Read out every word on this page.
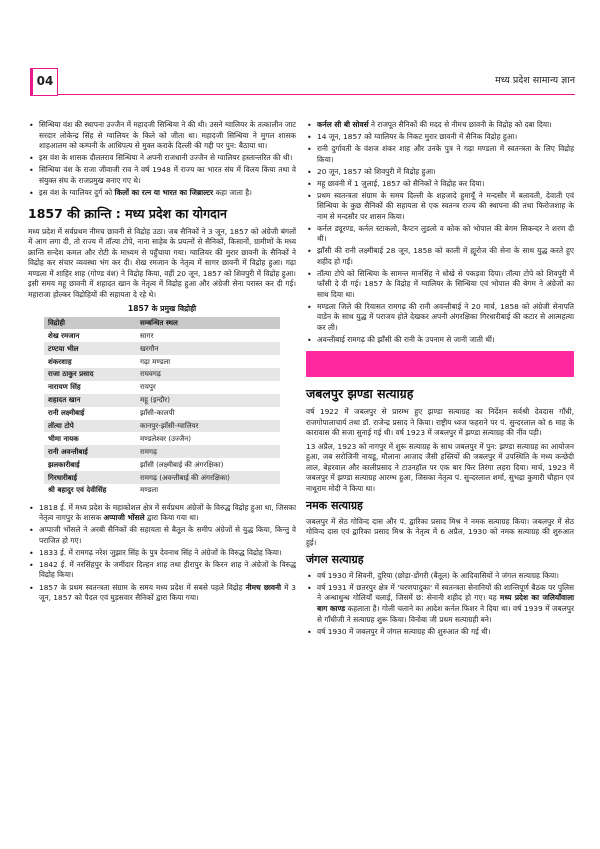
04	मध्य प्रदेश सामान्य ज्ञान
• सिन्धिया वंश की स्थापना उज्जैन में महादजी सिन्धिया ने की थी। उसने ग्वालियर के तत्कालीन जाट सरदार लोकेन्द्र सिंह से ग्वालियर के किले को जीता था। महादजी सिन्धिया ने मुगल शासक शाहआलम को कम्पनी के आधिपत्य से मुक्त कराके दिल्ली की गद्दी पर पुन: बैठाया था।
• इस वंश के शासक दौलतराव सिन्धिया ने अपनी राजधानी उज्जैन से ग्वालियर हस्तान्तरित की थी।
• सिन्धिया वंश के राजा जीवाजी राव ने वर्ष 1948 में राज्य का भारत संघ में विलय किया तथा वे संयुक्त संघ के राजप्रमुख बनाए गए थे।
• इस वंश के ग्वालियर दुर्ग को किलों का रत्न या भारत का जिब्राल्टर कहा जाता है।
1857 की क्रान्ति : मध्य प्रदेश का योगदान

मध्य प्रदेश में सर्वप्रथम नीमच छावनी से विद्रोह उठा। जब सैनिकों ने 3 जून, 1857 को अंग्रेजी बंगलों में आग लगा दी, तो राज्य में तॉत्या टोपे, नाना साहेब के प्रयत्नों से सैनिकों, किसानों, ग्रामीणों के मध्य क्रान्ति सन्देश कमल और रोटी के माध्यम से पहुँचाया गया। ग्वालियर की मुरार छावनी के सैनिकों ने विद्रोह कर संचार व्यवस्था भंग कर दी। शेख रमजान के नेतृत्व में सागर छावनी में विद्रोह हुआ। गढ़ा मण्डला में शाहिर शाह (गोण्ड वंश) ने विद्रोह किया, वहीं 20 जून, 1857 को शिवपुरी में विद्रोह हुआ। इसी समय महू छावनी में शहादत खान के नेतृत्व में विद्रोह हुआ और अंग्रेजी सेना परास्त कर दी गई। महाराजा होल्कर विद्रोहियों की सहायता दे रहे थे।

1857 के प्रमुख विद्रोही
विद्रोही	सम्बन्धित स्थल
शेख रमजान	सागर
टण्टया भील	खरगौन
शंकरशाह	गढ़ा मण्डला
राजा ठाकुर प्रसाद	राघवगढ़
नारायण सिंह	रायपुर
शहादत खान	महू (इन्दौर)
रानी लक्ष्मीबाई	झाँसी-कालपी
तॉत्या टोपे	कानपुर-झाँसी-ग्वालियर
भीमा नायक	मण्डलेश्वर (उज्जैन)
रानी अवन्तीबाई	रामगढ़
झलकारीबाई	झाँसी (लक्ष्मीबाई की अंगरक्षिका)
गिरधारीबाई	रामगढ़ (अवन्तीबाई की अंगरक्षिका)
श्री बहादुर एवं देवीसिंह	मण्डला
• 1818 ई. में मध्य प्रदेश के महाकोशल क्षेत्र में सर्वप्रथम अंग्रेजों के विरुद्ध विद्रोह हुआ था, जिसका नेतृत्व नागपुर के शासक अप्पाजी भोंसले द्वारा किया गया था।
• अप्पाजी भोंसले ने अरबी सैनिकों की सहायता से बैतूल के समीप अंग्रेजों से युद्ध किया, किन्तु वे पराजित हो गए।
• 1833 ई. में रामगढ़ नरेश जुझार सिंह के पुत्र देवनाथ सिंह ने अंग्रेजों के विरुद्ध विद्रोह किया।
• 1842 ई. में नरसिंहपुर के जमींदार दिल्हन शाह तथा हीरापुर के किरन शाह ने अंग्रेजों के विरुद्ध विद्रोह किया।
• 1857 के प्रथम स्वतन्त्रता संग्राम के समय मध्य प्रदेश में सबसे पहले विद्रोह नीमच छावनी में 3 जून, 1857 को पैदल एवं घुड़सवार सैनिकों द्वारा किया गया।
• कर्नल सी बी सोवर्स ने राजपूत सैनिकों की मदद से नीमच छावनी के विद्रोह को दबा दिया।
• 14 जून, 1857 को ग्वालियर के निकट मुरार छावनी में सैनिक विद्रोह हुआ।
• रानी दुर्गावती के वंशज शंकर शाह और उनके पुत्र ने गढ़ा मण्डला में स्वतन्त्रता के लिए विद्रोह किया।
• 20 जून, 1857 को शिवपुरी में विद्रोह हुआ।
• महू छावनी में 1 जुलाई, 1857 को सैनिकों ने विद्रोह कर दिया।
• प्रथम स्वतन्त्रता संग्राम के समय दिल्ली के शहजादे हुमायूँ ने मन्दसौर में बलावती, देवाती एवं सिन्धिया के कुछ सैनिकों की सहायता से एक स्वतन्त्र राज्य की स्थापना की तथा फिरोजशाह के नाम से मन्दसौर पर शासन किया।
• कर्नल ड्यूरण्ड, कर्नल स्टाकलो, कैप्टन लुडलो व कोक को भोपाल की बेगम सिकन्दर ने शरण दी थी।
• झाँसी की रानी लक्ष्मीबाई 28 जून, 1858 को काली में ह्यूरोज की सेना के साथ युद्ध करते हुए शहीद हो गईं।
• तॉत्या टोपे को सिन्धिया के सामन्त मानसिंह ने धोखे से पकड़वा दिया। तॉत्या टोपे को शिवपुरी में फाँसी दे दी गई। 1857 के विद्रोह में ग्वालियर के सिन्धिया एवं भोपाल की बेगम ने अंग्रेजों का साथ दिया था।
• मण्डला जिले की रियासत रामगढ़ की रानी अवन्तीबाई ने 20 मार्च, 1858 को अंग्रेजी सेनापति वाडेन के साथ युद्ध में पराजय होते देखकर अपनी अंगरक्षिका गिरधारीबाई की कटार से आत्महत्या कर ली।
• अवन्तीबाई रामगढ़ की झाँसी की रानी के उपनाम से जानी जाती थीं।
जबलपुर झण्डा सत्याग्रह

वर्ष 1922 में जबलपुर से प्रारम्भ हुए झण्डा सत्याग्रह का निर्देशन सर्वश्री देवदास गाँधी, राजगोपालाचार्य तथा डॉ. राजेन्द्र प्रसाद ने किया। राष्ट्रीय ध्वज फहराने पर पं. सुन्दरलाल को 6 माह के कारावास की सजा सुनाई गई थी। वर्ष 1923 में जबलपुर में झण्डा सत्याग्रह की नींव पड़ी।

13 अप्रैल, 1923 को नागपुर में शुरू सत्याग्रह के साथ जबलपुर में पुन: झण्डा सत्याग्रह का आयोजन हुआ, जब सरोजिनी नायडू, मौलाना आजाद जैसी हस्तियों की जबलपुर में उपस्थिति के मध्य कन्छेदी लाल, बेहरवाल और कालीप्रसाद ने टाउनहॉल पर एक बार फिर तिरंगा लहरा दिया। मार्च, 1923 में जबलपुर में झण्डा सत्याग्रह आरम्भ हुआ, जिसका नेतृत्व पं. सुन्दरलाल शर्मा, सुभद्रा कुमारी चौहान एवं नाथूराम मोदी ने किया था।

नमक सत्याग्रह

जबलपुर में सेठ गोविन्द दास और पं. द्वारिका प्रसाद मिश्र ने नमक सत्याग्रह किया। जबलपुर में सेठ गोविन्द दास एवं द्वारिका प्रसाद मिश्र के नेतृत्व में 6 अप्रैल, 1930 को नमक सत्याग्रह की शुरुआत हुई।

जंगल सत्याग्रह
• वर्ष 1930 में सिवनी, दुरिया (छोड़ा-डोंगरी (बैतूल) के आदिवासियों ने जंगल सत्याग्रह किया।
• वर्ष 1931 में छतरपुर क्षेत्र में 'चरणपादुका' में स्वतन्त्रता सेनानियों की शान्तिपूर्ण बैठक पर पुलिस ने अन्धाधुन्ध गोलियाँ चलाई, जिसमें छ: सेनानी शहीद हो गए। यह मध्य प्रदेश का जलियाँवाला बाग काण्ड कहलाता है। गोली चलाने का आदेश कर्नल फिशर ने दिया था। वर्ष 1939 में जबलपुर से गाँधीजी ने सत्याग्रह शुरू किया। विनोबा जी प्रथम सत्याग्रही बने।
• वर्ष 1930 में जबलपुर में जंगल सत्याग्रह की शुरुआत की गई थी।
